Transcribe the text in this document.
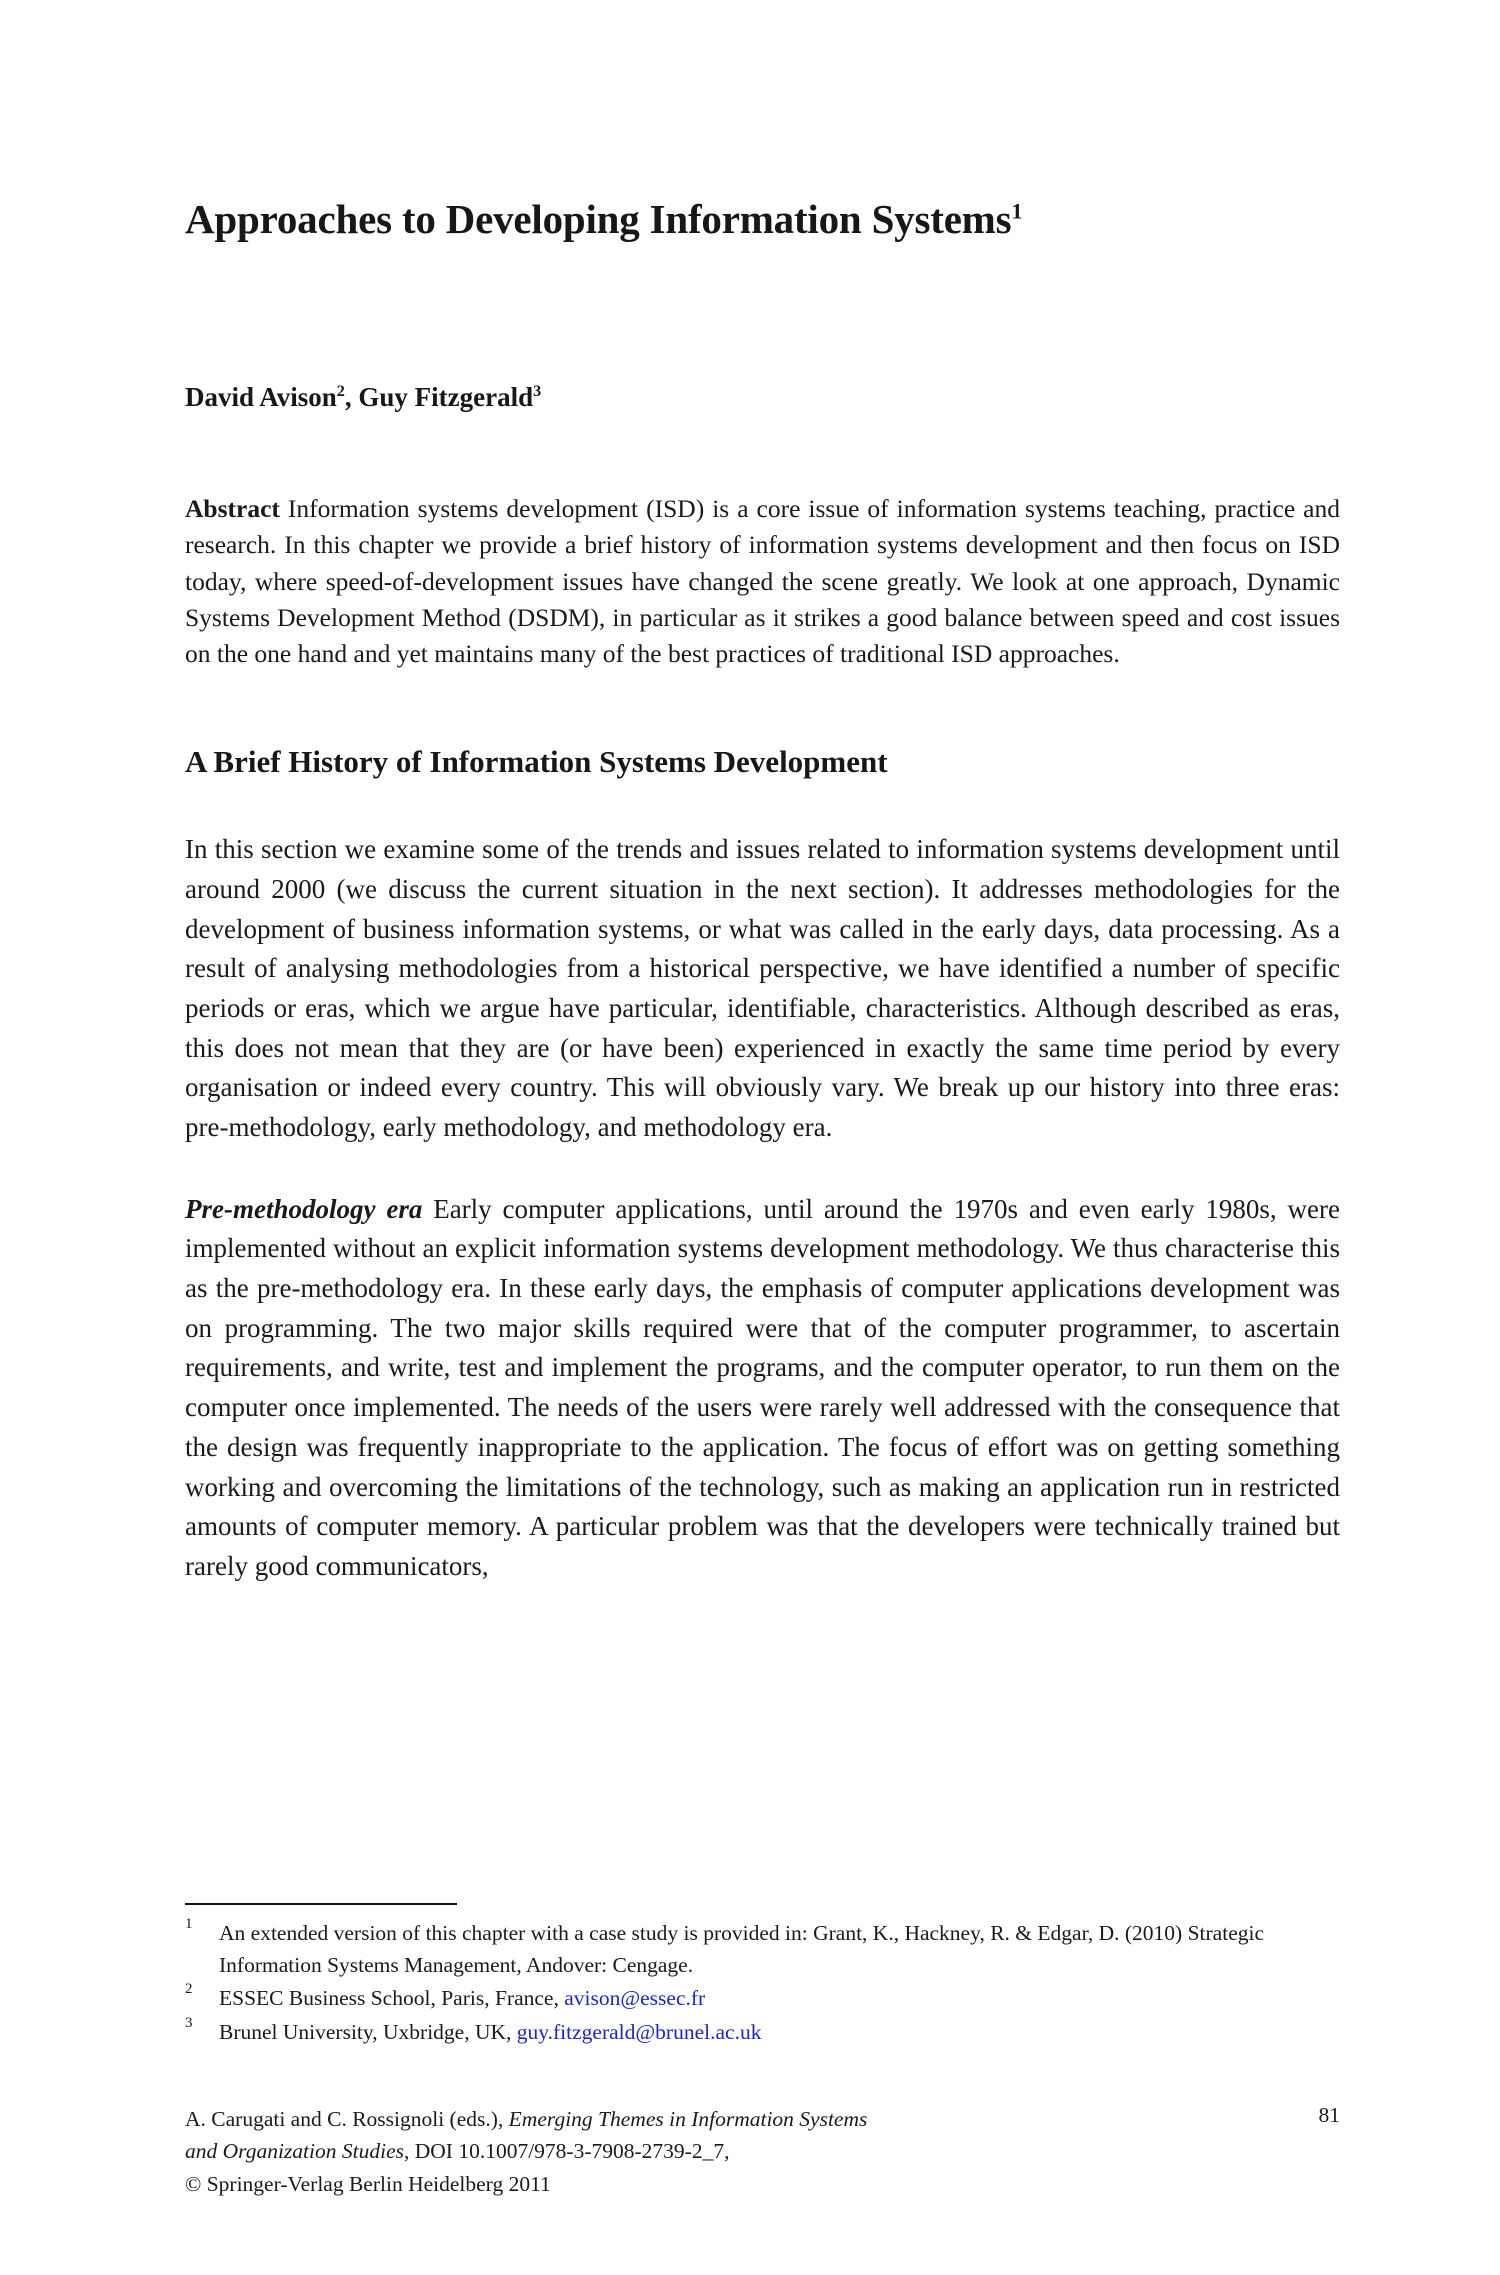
Approaches to Developing Information Systems$^1$
David Avison$^2$, Guy Fitzgerald$^3$

Abstract Information systems development (ISD) is a core issue of information systems teaching, practice and research. In this chapter we provide a brief history of information systems development and then focus on ISD today, where speed-of-development issues have changed the scene greatly. We look at one approach, Dynamic Systems Development Method (DSDM), in particular as it strikes a good balance between speed and cost issues on the one hand and yet maintains many of the best practices of traditional ISD approaches.

A Brief History of Information Systems Development

In this section we examine some of the trends and issues related to information systems development until around 2000 (we discuss the current situation in the next section). It addresses methodologies for the development of business information systems, or what was called in the early days, data processing. As a result of analysing methodologies from a historical perspective, we have identified a number of specific periods or eras, which we argue have particular, identifiable, characteristics. Although described as eras, this does not mean that they are (or have been) experienced in exactly the same time period by every organisation or indeed every country. This will obviously vary. We break up our history into three eras: pre-methodology, early methodology, and methodology era.

Pre-methodology era Early computer applications, until around the 1970s and even early 1980s, were implemented without an explicit information systems development methodology. We thus characterise this as the pre-methodology era. In these early days, the emphasis of computer applications development was on programming. The two major skills required were that of the computer programmer, to ascertain requirements, and write, test and implement the programs, and the computer operator, to run them on the computer once implemented. The needs of the users were rarely well addressed with the consequence that the design was frequently inappropriate to the application. The focus of effort was on getting something working and overcoming the limitations of the technology, such as making an application run in restricted amounts of computer memory. A particular problem was that the developers were technically trained but rarely good communicators,

1 An extended version of this chapter with a case study is provided in: Grant, K., Hackney, R. & Edgar, D. (2010) Strategic Information Systems Management, Andover: Cengage.
2 ESSEC Business School, Paris, France, avison@essec.fr
3 Brunel University, Uxbridge, UK, guy.fitzgerald@brunel.ac.uk
A. Carugati and C. Rossignoli (eds.), Emerging Themes in Information Systems
and Organization Studies, DOI 10.1007/978-3-7908-2739-2_7,
© Springer-Verlag Berlin Heidelberg 2011
81
